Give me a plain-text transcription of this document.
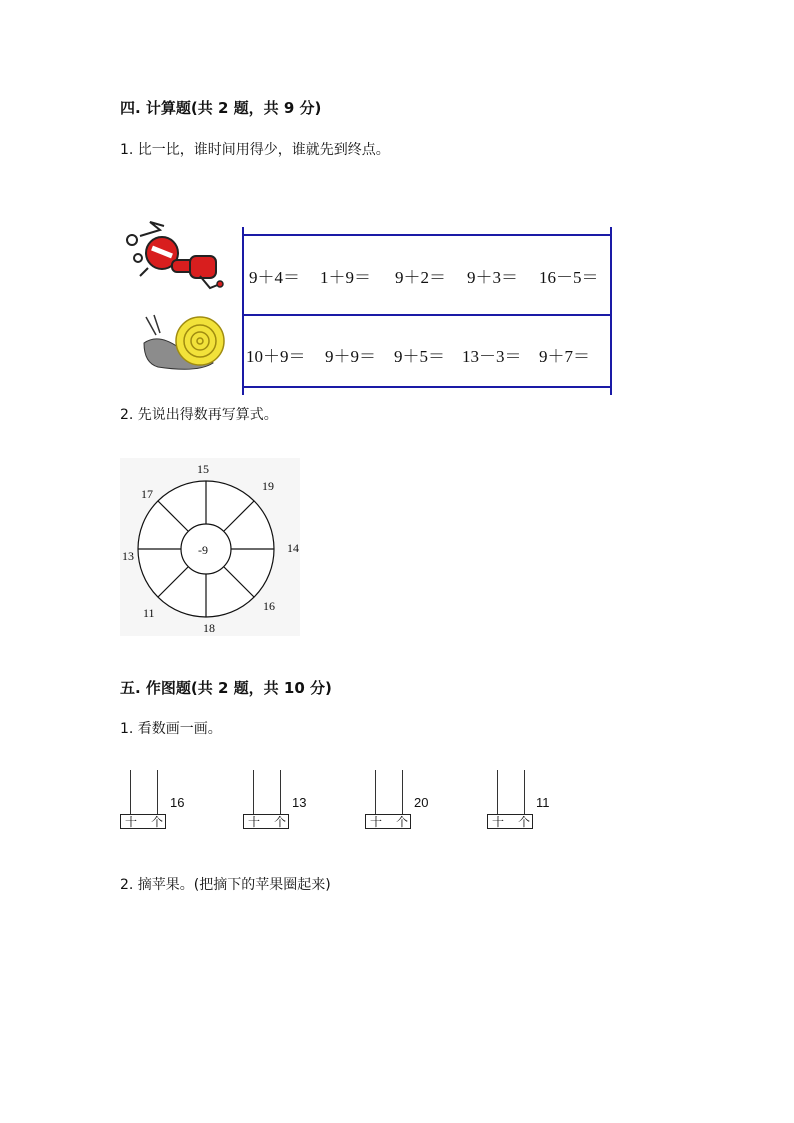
四. 计算题(共 2 题，共 9 分)
1. 比一比，谁时间用得少，谁就先到终点。
9＋4＝ 1＋9＝ 9＋2＝ 9＋3＝ 16－5＝
10＋9＝ 9＋9＝ 9＋5＝ 13－3＝ 9＋7＝
2. 先说出得数再写算式。
-9
15
19
14
16
18
11
13
17
五. 作图题(共 2 题，共 10 分)
1. 看数画一画。
十 个
16
十 个
13
十 个
20
十 个
11
2. 摘苹果。(把摘下的苹果圈起来)
